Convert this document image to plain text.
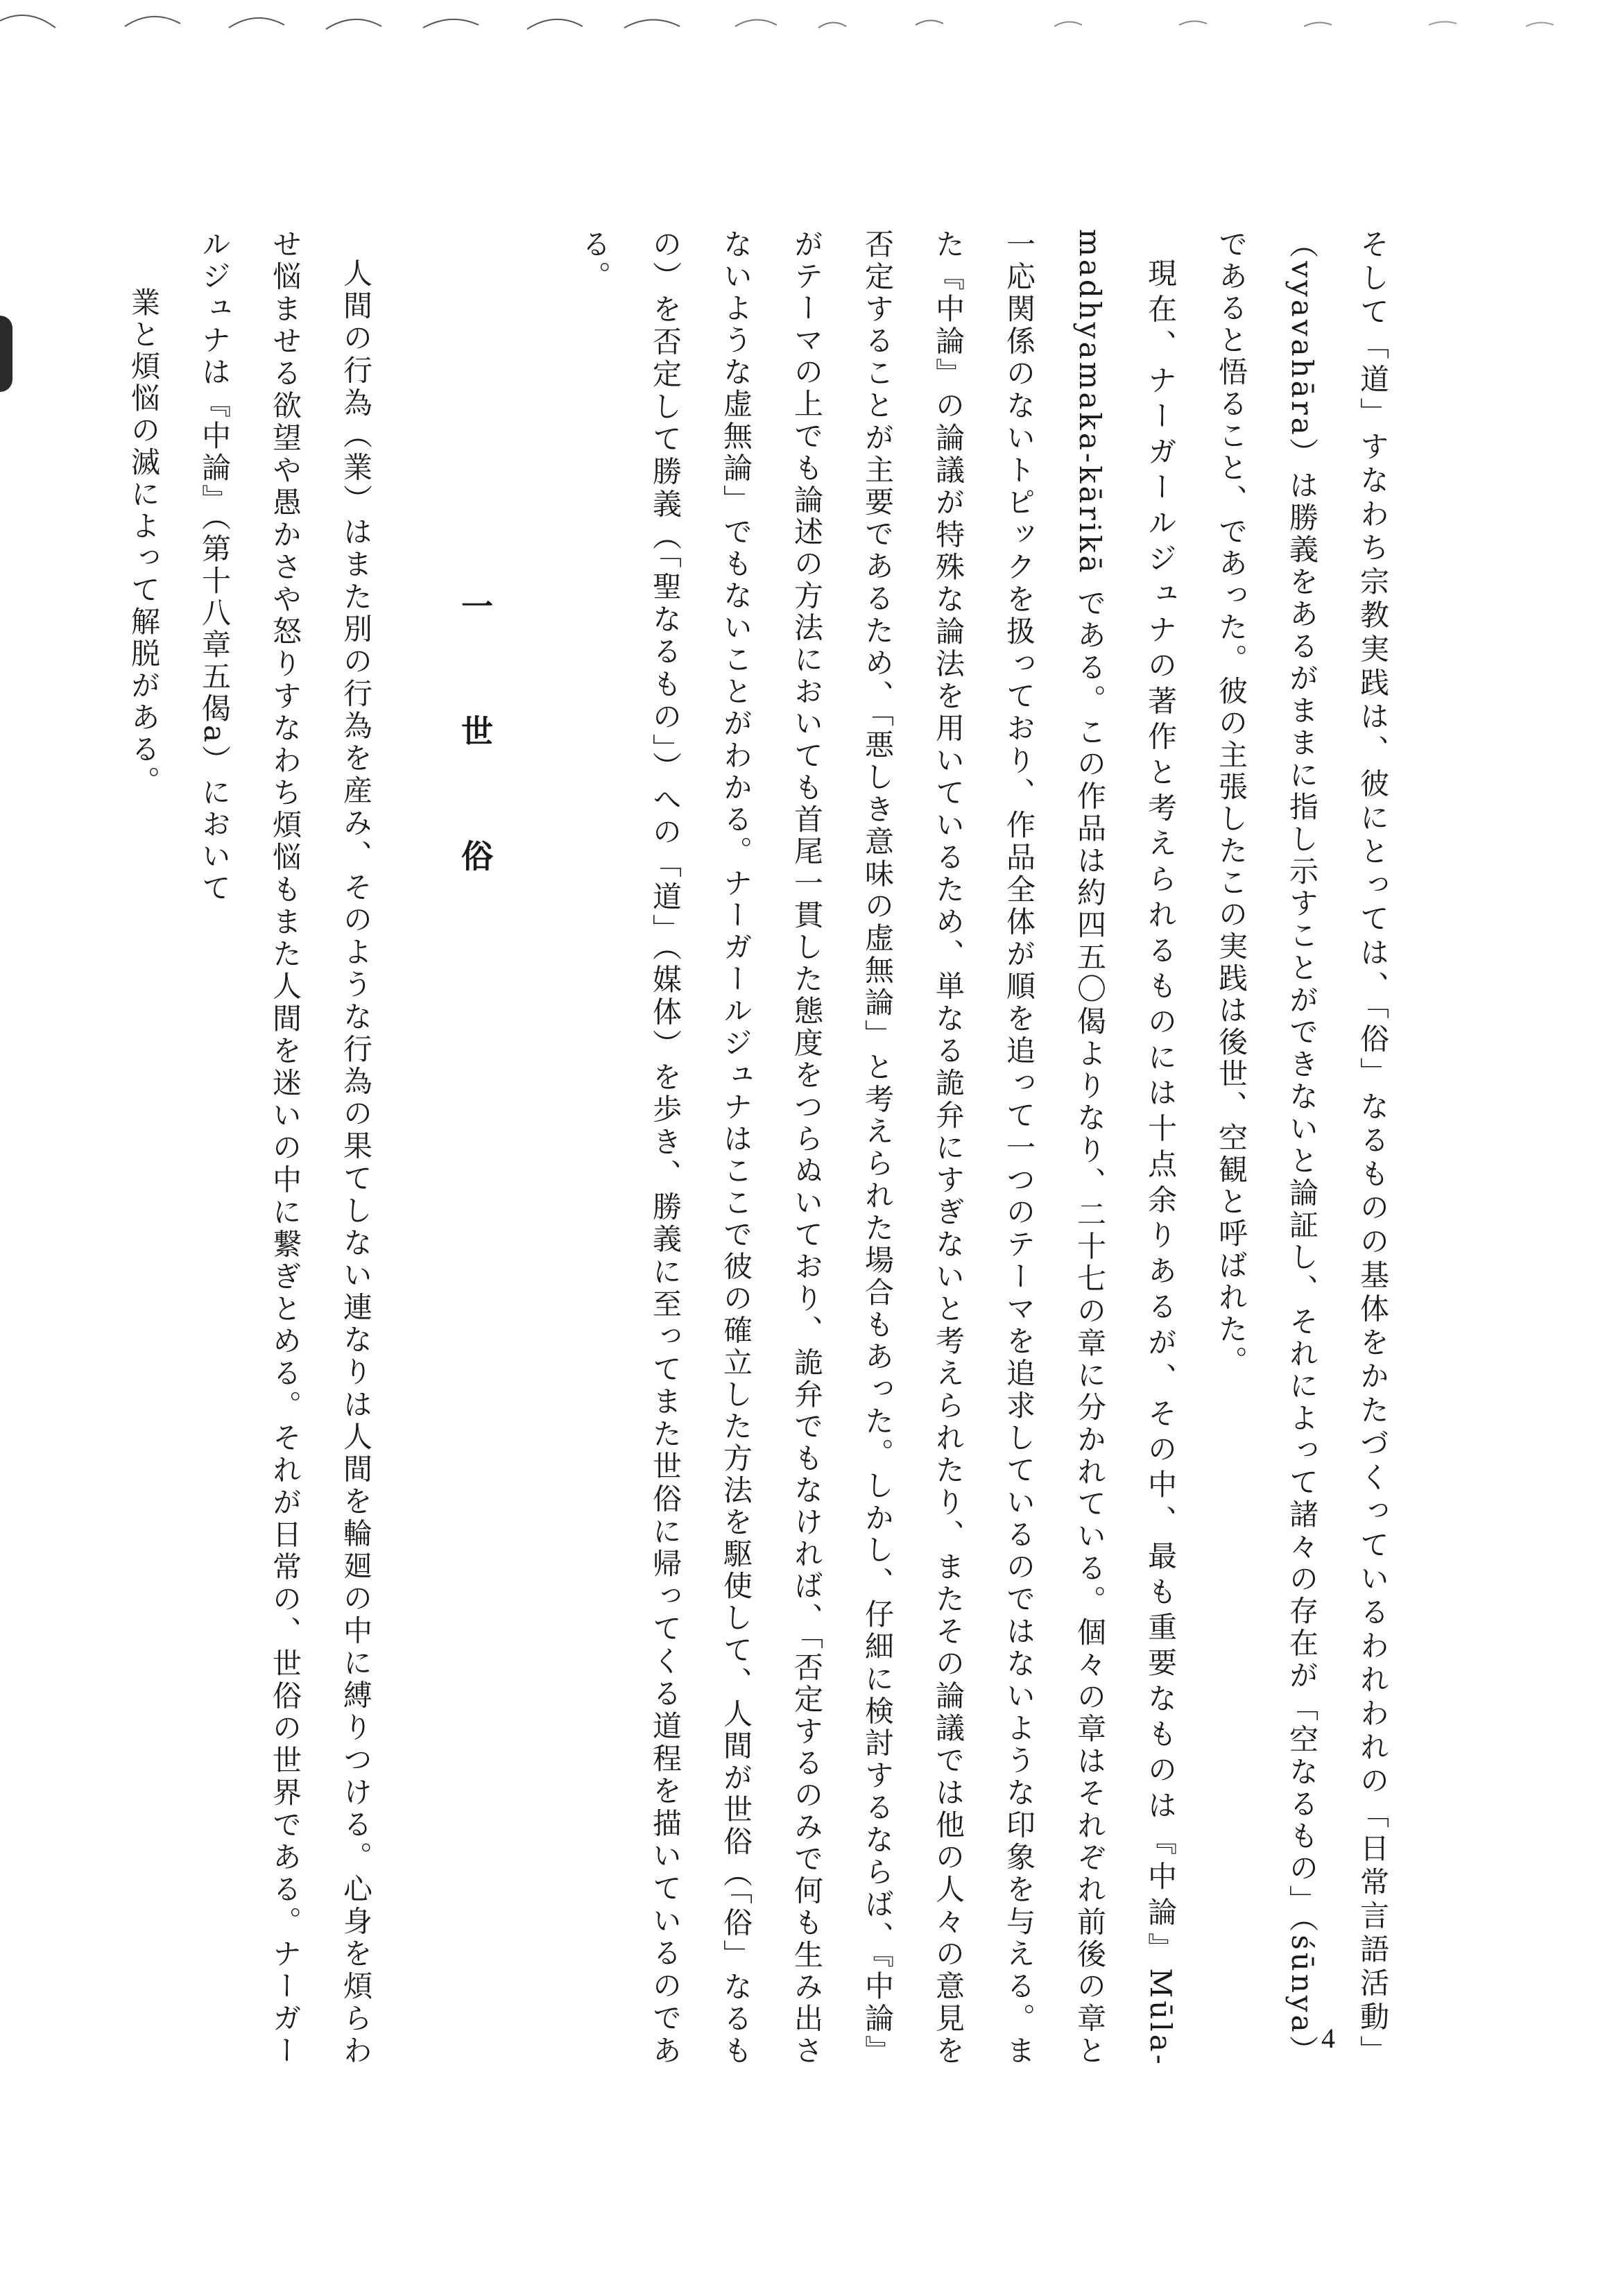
そして「道」すなわち宗教実践は、彼にとっては、「俗」なるものの基体をかたづくっているわれわれの「日常言語活動」（vyavahāra）は勝義をあるがままに指し示すことができないと論証し、それによって諸々の存在が「空なるもの」（śūnya）であると悟ること、であった。彼の主張したこの実践は後世、空観と呼ばれた。

現在、ナーガールジュナの著作と考えられるものには十点余りあるが、その中、最も重要なものは『中論』Mūla-madhyamaka-kārikā である。この作品は約四五〇偈よりなり、二十七の章に分かれている。個々の章はそれぞれ前後の章と一応関係のないトピックを扱っており、作品全体が順を追って一つのテーマを追求しているのではないような印象を与える。また『中論』の論議が特殊な論法を用いているため、単なる詭弁にすぎないと考えられたり、またその論議では他の人々の意見を否定することが主要であるため、「悪しき意味の虚無論」と考えられた場合もあった。しかし、仔細に検討するならば、『中論』がテーマの上でも論述の方法においても首尾一貫した態度をつらぬいており、詭弁でもなければ、「否定するのみで何も生み出さないような虚無論」でもないことがわかる。ナーガールジュナはここで彼の確立した方法を駆使して、人間が世俗（「俗」なるもの）を否定して勝義（「聖なるもの」）への「道」（媒体）を歩き、勝義に至ってまた世俗に帰ってくる道程を描いているのである。

一　世　俗

人間の行為（業）はまた別の行為を産み、そのような行為の果てしない連なりは人間を輪廻の中に縛りつける。心身を煩らわせ悩ませる欲望や愚かさや怒りすなわち煩悩もまた人間を迷いの中に繋ぎとめる。それが日常の、世俗の世界である。ナーガールジュナは『中論』（第十八章五偈a）において

業と煩悩の滅によって解脱がある。

4
